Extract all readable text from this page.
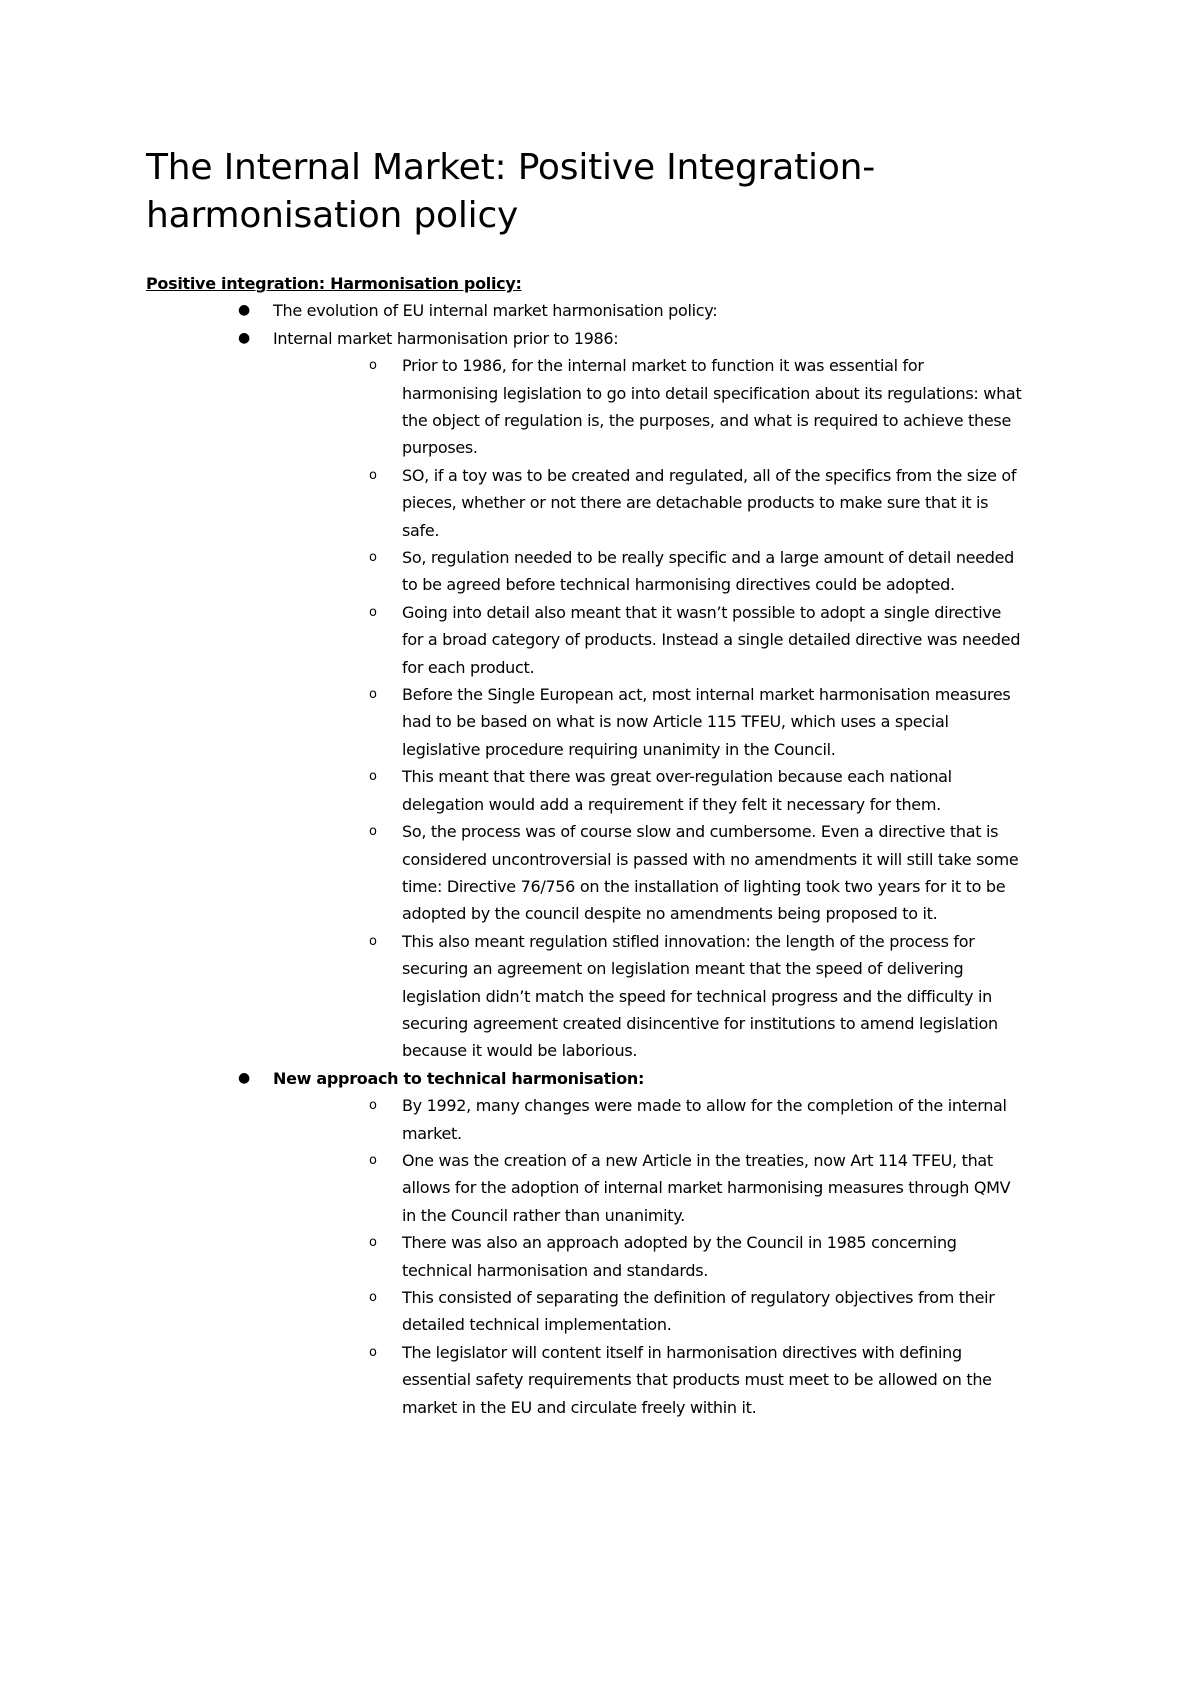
The Internal Market: Positive Integration- harmonisation policy

Positive integration: Harmonisation policy:

● The evolution of EU internal market harmonisation policy:
● Internal market harmonisation prior to 1986:
o Prior to 1986, for the internal market to function it was essential for harmonising legislation to go into detail specification about its regulations: what the object of regulation is, the purposes, and what is required to achieve these purposes.
o SO, if a toy was to be created and regulated, all of the specifics from the size of pieces, whether or not there are detachable products to make sure that it is safe.
o So, regulation needed to be really specific and a large amount of detail needed to be agreed before technical harmonising directives could be adopted.
o Going into detail also meant that it wasn’t possible to adopt a single directive for a broad category of products. Instead a single detailed directive was needed for each product.
o Before the Single European act, most internal market harmonisation measures had to be based on what is now Article 115 TFEU, which uses a special legislative procedure requiring unanimity in the Council.
o This meant that there was great over-regulation because each national delegation would add a requirement if they felt it necessary for them.
o So, the process was of course slow and cumbersome. Even a directive that is considered uncontroversial is passed with no amendments it will still take some time: Directive 76/756 on the installation of lighting took two years for it to be adopted by the council despite no amendments being proposed to it.
o This also meant regulation stifled innovation: the length of the process for securing an agreement on legislation meant that the speed of delivering legislation didn’t match the speed for technical progress and the difficulty in securing agreement created disincentive for institutions to amend legislation because it would be laborious.
● New approach to technical harmonisation:
o By 1992, many changes were made to allow for the completion of the internal market.
o One was the creation of a new Article in the treaties, now Art 114 TFEU, that allows for the adoption of internal market harmonising measures through QMV in the Council rather than unanimity.
o There was also an approach adopted by the Council in 1985 concerning technical harmonisation and standards.
o This consisted of separating the definition of regulatory objectives from their detailed technical implementation.
o The legislator will content itself in harmonisation directives with defining essential safety requirements that products must meet to be allowed on the market in the EU and circulate freely within it.
